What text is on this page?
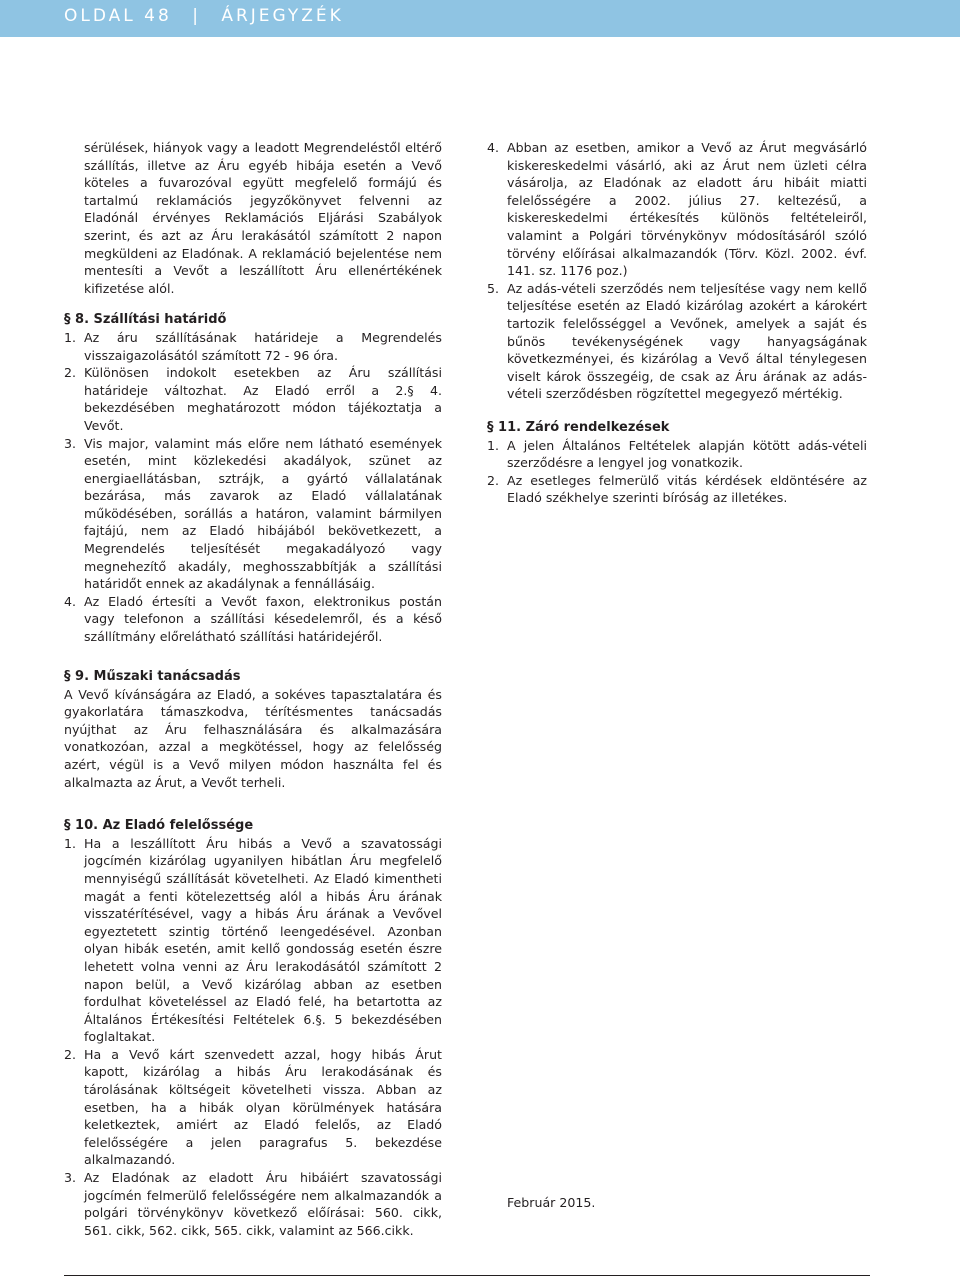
OLDAL 48 | ÁRJEGYZÉK

sérülések, hiányok vagy a leadott Megrendeléstől eltérő szállítás, illetve az Áru egyéb hibája esetén a Vevő köteles a fuvarozóval együtt megfelelő formájú és tartalmú reklamációs jegyzőkönyvet felvenni az Eladónál érvényes Reklamációs Eljárási Szabályok szerint, és azt az Áru lerakásától számított 2 napon megküldeni az Eladónak. A reklamáció bejelentése nem mentesíti a Vevőt a leszállított Áru ellenértékének kifizetése alól.

§ 8. Szállítási határidő

1. Az áru szállításának határideje a Megrendelés visszaigazolásától számított 72 - 96 óra.

2. Különösen indokolt esetekben az Áru szállítási határideje változhat. Az Eladó erről a 2.§ 4. bekezdésében meghatározott módon tájékoztatja a Vevőt.

3. Vis major, valamint más előre nem látható események esetén, mint közlekedési akadályok, szünet az energiaellátásban, sztrájk, a gyártó vállalatának bezárása, más zavarok az Eladó vállalatának működésében, sorállás a határon, valamint bármilyen fajtájú, nem az Eladó hibájából bekövetkezett, a Megrendelés teljesítését megakadályozó vagy megnehezítő akadály, meghosszabbítják a szállítási határidőt ennek az akadálynak a fennállásáig.

4. Az Eladó értesíti a Vevőt faxon, elektronikus postán vagy telefonon a szállítási késedelemről, és a késő szállítmány előrelátható szállítási határidejéről.

§ 9. Műszaki tanácsadás

A Vevő kívánságára az Eladó, a sokéves tapasztalatára és gyakorlatára támaszkodva, térítésmentes tanácsadás nyújthat az Áru felhasználására és alkalmazására vonatkozóan, azzal a megkötéssel, hogy az felelősség azért, végül is a Vevő milyen módon használta fel és alkalmazta az Árut, a Vevőt terheli.

§ 10. Az Eladó felelőssége

1. Ha a leszállított Áru hibás a Vevő a szavatossági jogcímén kizárólag ugyanilyen hibátlan Áru megfelelő mennyiségű szállítását követelheti. Az Eladó kimentheti magát a fenti kötelezettség alól a hibás Áru árának visszatérítésével, vagy a hibás Áru árának a Vevővel egyeztetett szintig történő leengedésével. Azonban olyan hibák esetén, amit kellő gondosság esetén észre lehetett volna venni az Áru lerakodásától számított 2 napon belül, a Vevő kizárólag abban az esetben fordulhat követeléssel az Eladó felé, ha betartotta az Általános Értékesítési Feltételek 6.§. 5 bekezdésében foglaltakat.

2. Ha a Vevő kárt szenvedett azzal, hogy hibás Árut kapott, kizárólag a hibás Áru lerakodásának és tárolásának költségeit követelheti vissza. Abban az esetben, ha a hibák olyan körülmények hatására keletkeztek, amiért az Eladó felelős, az Eladó felelősségére a jelen paragrafus 5. bekezdése alkalmazandó.

3. Az Eladónak az eladott Áru hibáiért szavatossági jogcímén felmerülő felelősségére nem alkalmazandók a polgári törvénykönyv következő előírásai: 560. cikk, 561. cikk, 562. cikk, 565. cikk, valamint az 566.cikk.

4. Abban az esetben, amikor a Vevő az Árut megvásárló kiskereskedelmi vásárló, aki az Árut nem üzleti célra vásárolja, az Eladónak az eladott áru hibáit miatti felelősségére a 2002. július 27. keltezésű, a kiskereskedelmi értékesítés különös feltételeiről, valamint a Polgári törvénykönyv módosításáról szóló törvény előírásai alkalmazandók (Törv. Közl. 2002. évf. 141. sz. 1176 poz.)

5. Az adás-vételi szerződés nem teljesítése vagy nem kellő teljesítése esetén az Eladó kizárólag azokért a károkért tartozik felelősséggel a Vevőnek, amelyek a saját és bűnös tevékenységének vagy hanyagságának következményei, és kizárólag a Vevő által ténylegesen viselt károk összegéig, de csak az Áru árának az adás-vételi szerződésben rögzítettel megegyező mértékig.

§ 11. Záró rendelkezések

1. A jelen Általános Feltételek alapján kötött adás-vételi szerződésre a lengyel jog vonatkozik.

2. Az esetleges felmerülő vitás kérdések eldöntésére az Eladó székhelye szerinti bíróság az illetékes.

Február 2015.
